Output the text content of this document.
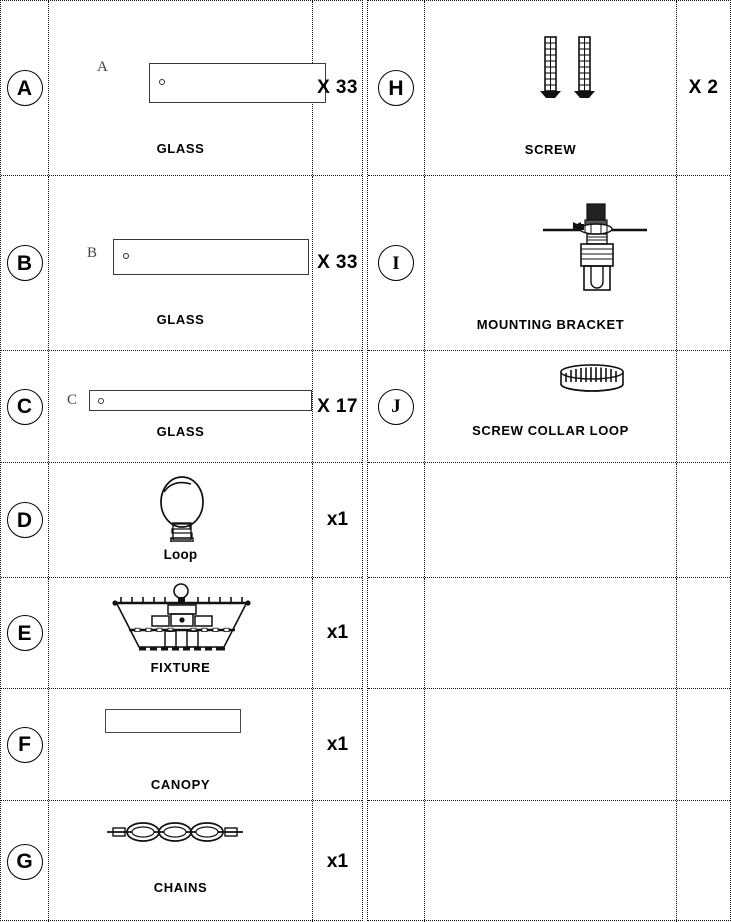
A
A
GLASS
X 33
B	B
GLASS
X 33
C	C
GLASS
X 17
D
Loop
x1
E
FIXTURE
x1
F
CANOPY
x1
G
CHAINS
x1
H
SCREW
X 2
I
MOUNTING BRACKET
J
SCREW COLLAR LOOP
